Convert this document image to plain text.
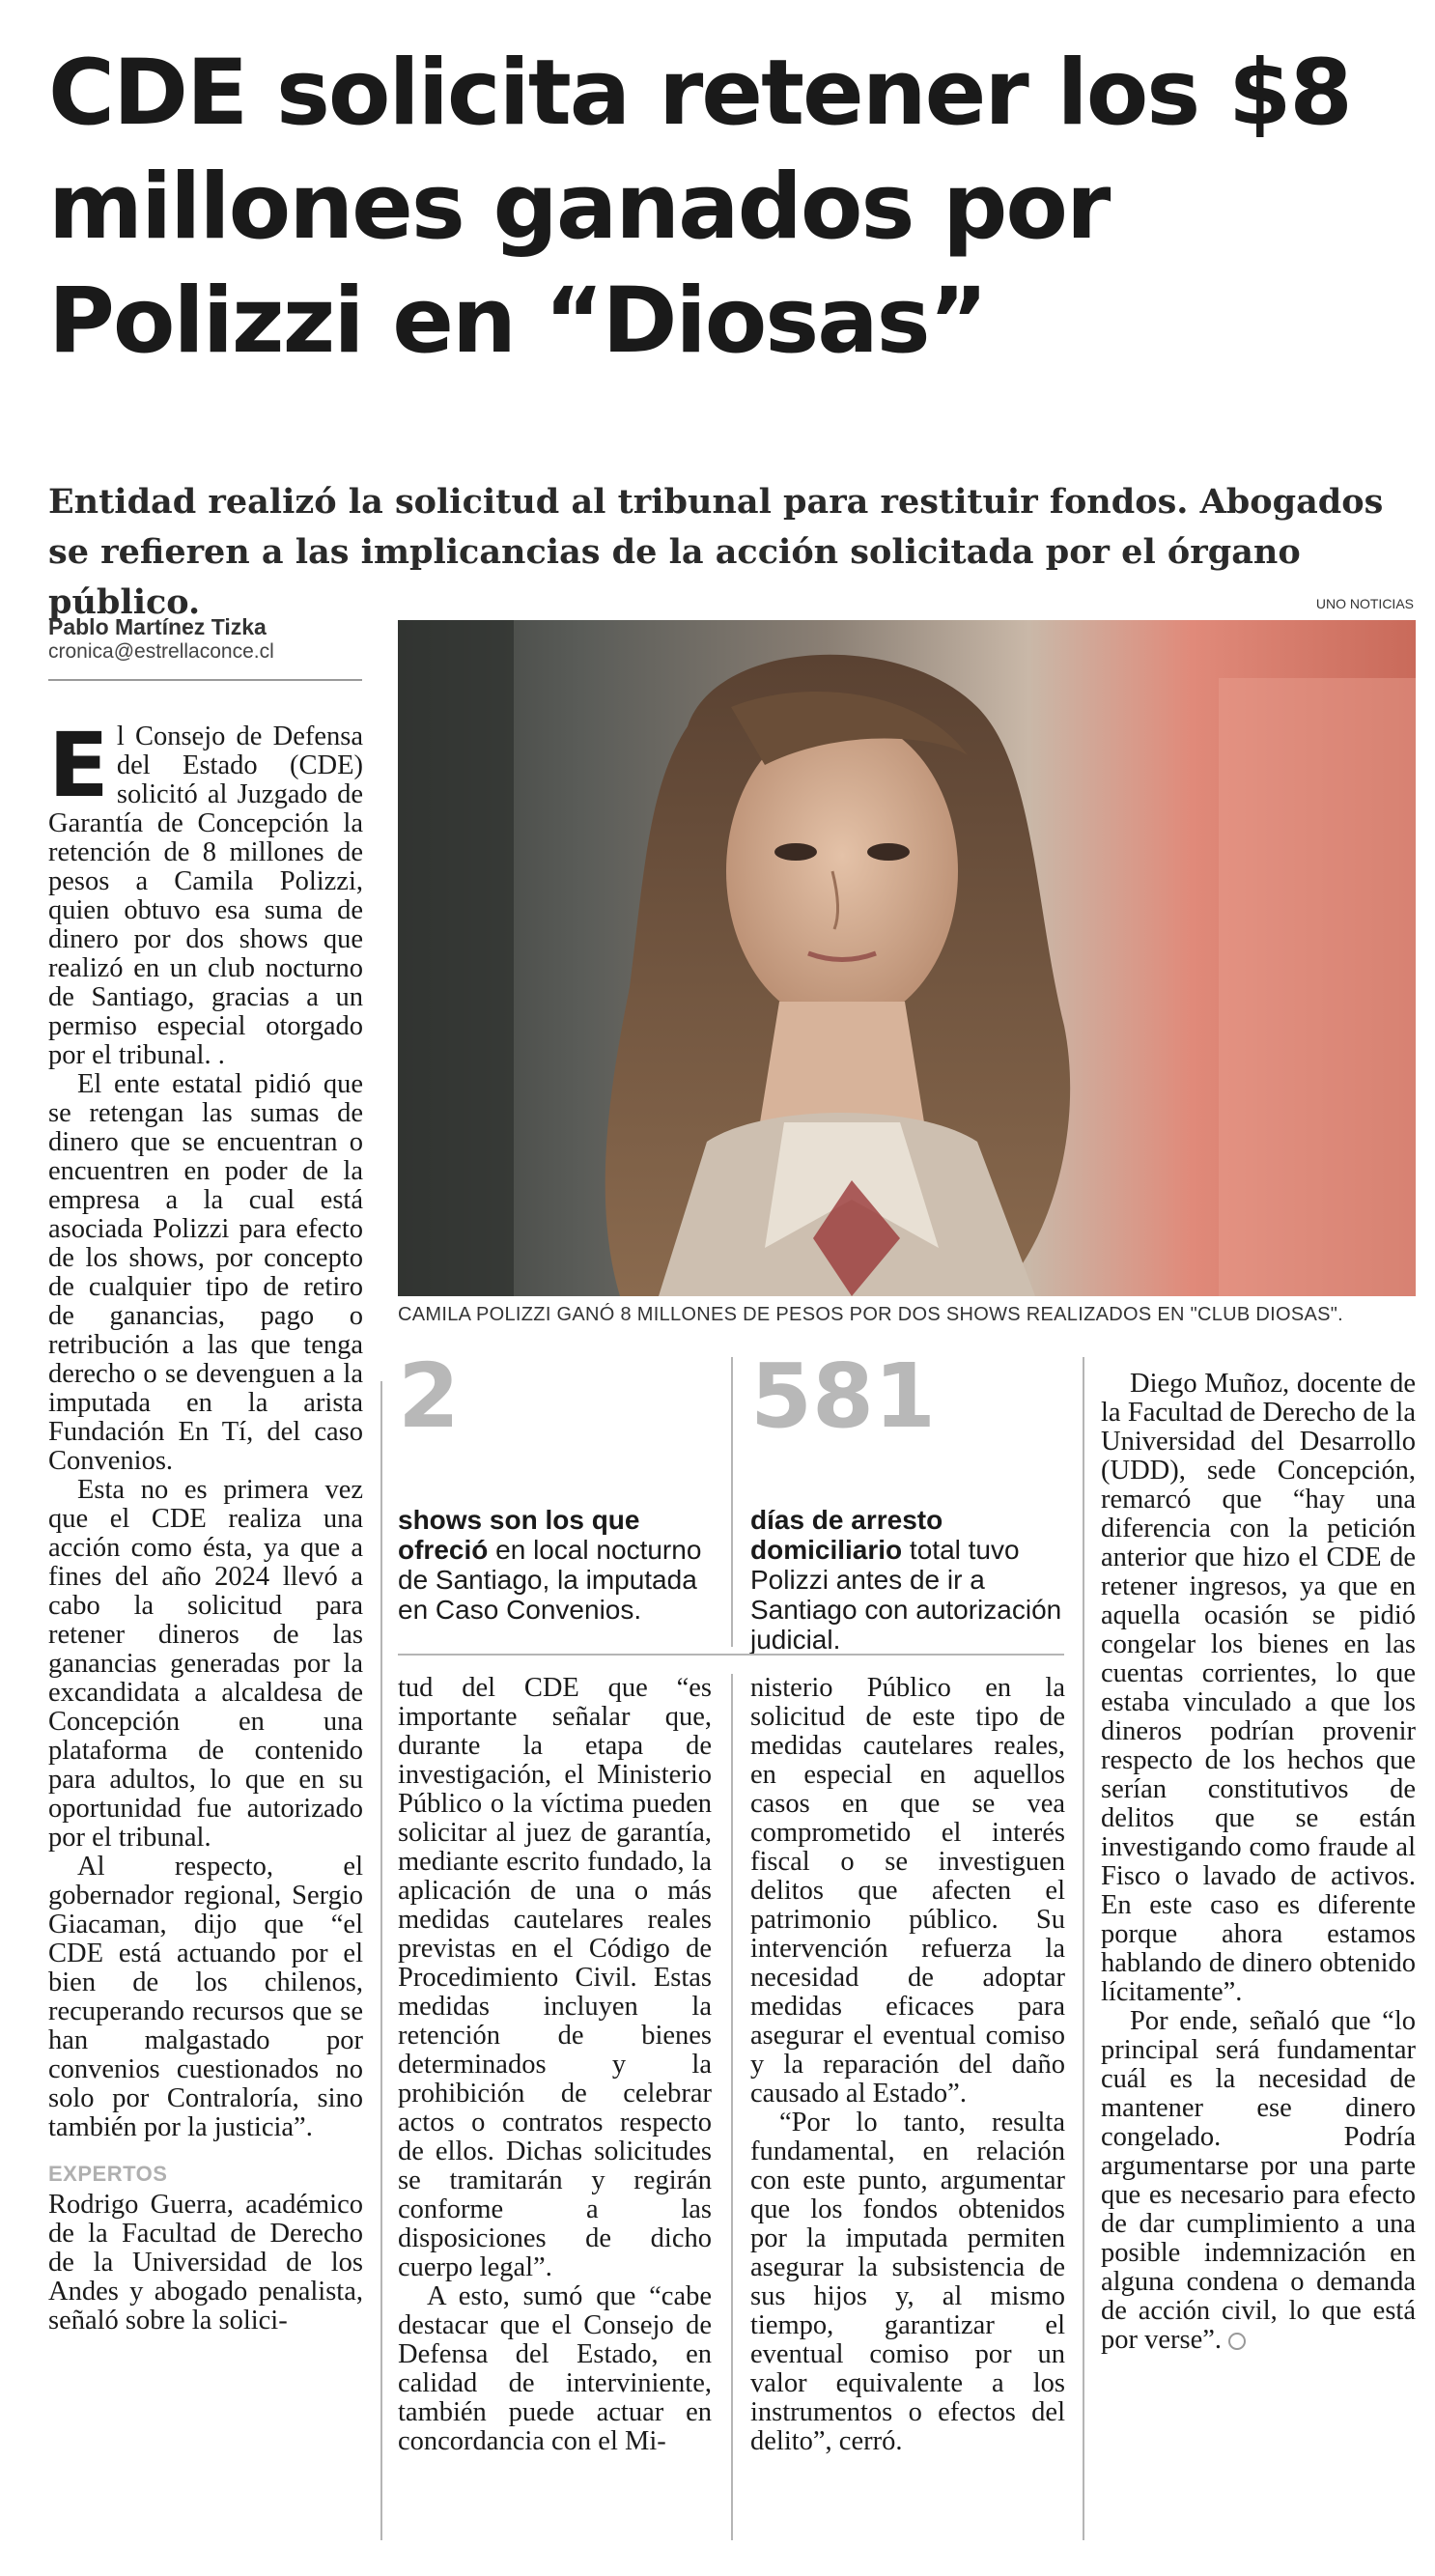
CDE solicita retener los $8 millones ganados por Polizzi en “Diosas”

Entidad realizó la solicitud al tribunal para restituir fondos. Abogados se refieren a las implicancias de la acción solicitada por el órgano público.	UNO NOTICIAS
Pablo Martínez Tizka
cronica@estrellaconce.cl
CAMILA POLIZZI GANÓ 8 MILLONES DE PESOS POR DOS SHOWS REALIZADOS EN "CLUB DIOSAS".

El Consejo de Defensa del Estado (CDE) solicitó al Juzgado de Garantía de Concepción la retención de 8 millones de pesos a Camila Polizzi, quien obtuvo esa suma de dinero por dos shows que realizó en un club nocturno de Santiago, gracias a un permiso especial otorgado por el tribunal. .

El ente estatal pidió que se retengan las sumas de dinero que se encuentran o encuentren en poder de la empresa a la cual está asociada Polizzi para efecto de los shows, por concepto de cualquier tipo de retiro de ganancias, pago o retribución a las que tenga derecho o se devenguen a la imputada en la arista Fundación En Tí, del caso Convenios.

Esta no es primera vez que el CDE realiza una acción como ésta, ya que a fines del año 2024 llevó a cabo la solicitud para retener dineros de las ganancias generadas por la excandidata a alcaldesa de Concepción en una plataforma de contenido para adultos, lo que en su oportunidad fue autorizado por el tribunal.

Al respecto, el gobernador regional, Sergio Giacaman, dijo que “el CDE está actuando por el bien de los chilenos, recuperando recursos que se han malgastado por convenios cuestionados no solo por Contraloría, sino también por la justicia”.

EXPERTOS

Rodrigo Guerra, académico de la Facultad de Derecho de la Universidad de los Andes y abogado penalista, señaló sobre la solici-

2
shows son los que ofreció en local nocturno de Santiago, la imputada en Caso Convenios.
581
días de arresto domiciliario total tuvo Polizzi antes de ir a Santiago con autorización judicial.

tud del CDE que “es importante señalar que, durante la etapa de investigación, el Ministerio Público o la víctima pueden solicitar al juez de garantía, mediante escrito fundado, la aplicación de una o más medidas cautelares reales previstas en el Código de Procedimiento Civil. Estas medidas incluyen la retención de bienes determinados y la prohibición de celebrar actos o contratos respecto de ellos. Dichas solicitudes se tramitarán y regirán conforme a las disposiciones de dicho cuerpo legal”.

A esto, sumó que “cabe destacar que el Consejo de Defensa del Estado, en calidad de interviniente, también puede actuar en concordancia con el Mi-

nisterio Público en la solicitud de este tipo de medidas cautelares reales, en especial en aquellos casos en que se vea comprometido el interés fiscal o se investiguen delitos que afecten el patrimonio público. Su intervención refuerza la necesidad de adoptar medidas eficaces para asegurar el eventual comiso y la reparación del daño causado al Estado”.

“Por lo tanto, resulta fundamental, en relación con este punto, argumentar que los fondos obtenidos por la imputada permiten asegurar la subsistencia de sus hijos y, al mismo tiempo, garantizar el eventual comiso por un valor equivalente a los instrumentos o efectos del delito”, cerró.

Diego Muñoz, docente de la Facultad de Derecho de la Universidad del Desarrollo (UDD), sede Concepción, remarcó que “hay una diferencia con la petición anterior que hizo el CDE de retener ingresos, ya que en aquella ocasión se pidió congelar los bienes en las cuentas corrientes, lo que estaba vinculado a que los dineros podrían provenir respecto de los hechos que serían constitutivos de delitos que se están investigando como fraude al Fisco o lavado de activos. En este caso es diferente porque ahora estamos hablando de dinero obtenido lícitamente”.

Por ende, señaló que “lo principal será fundamentar cuál es la necesidad de mantener ese dinero congelado. Podría argumentarse por una parte que es necesario para efecto de dar cumplimiento a una posible indemnización en alguna condena o demanda de acción civil, lo que está por verse”.
